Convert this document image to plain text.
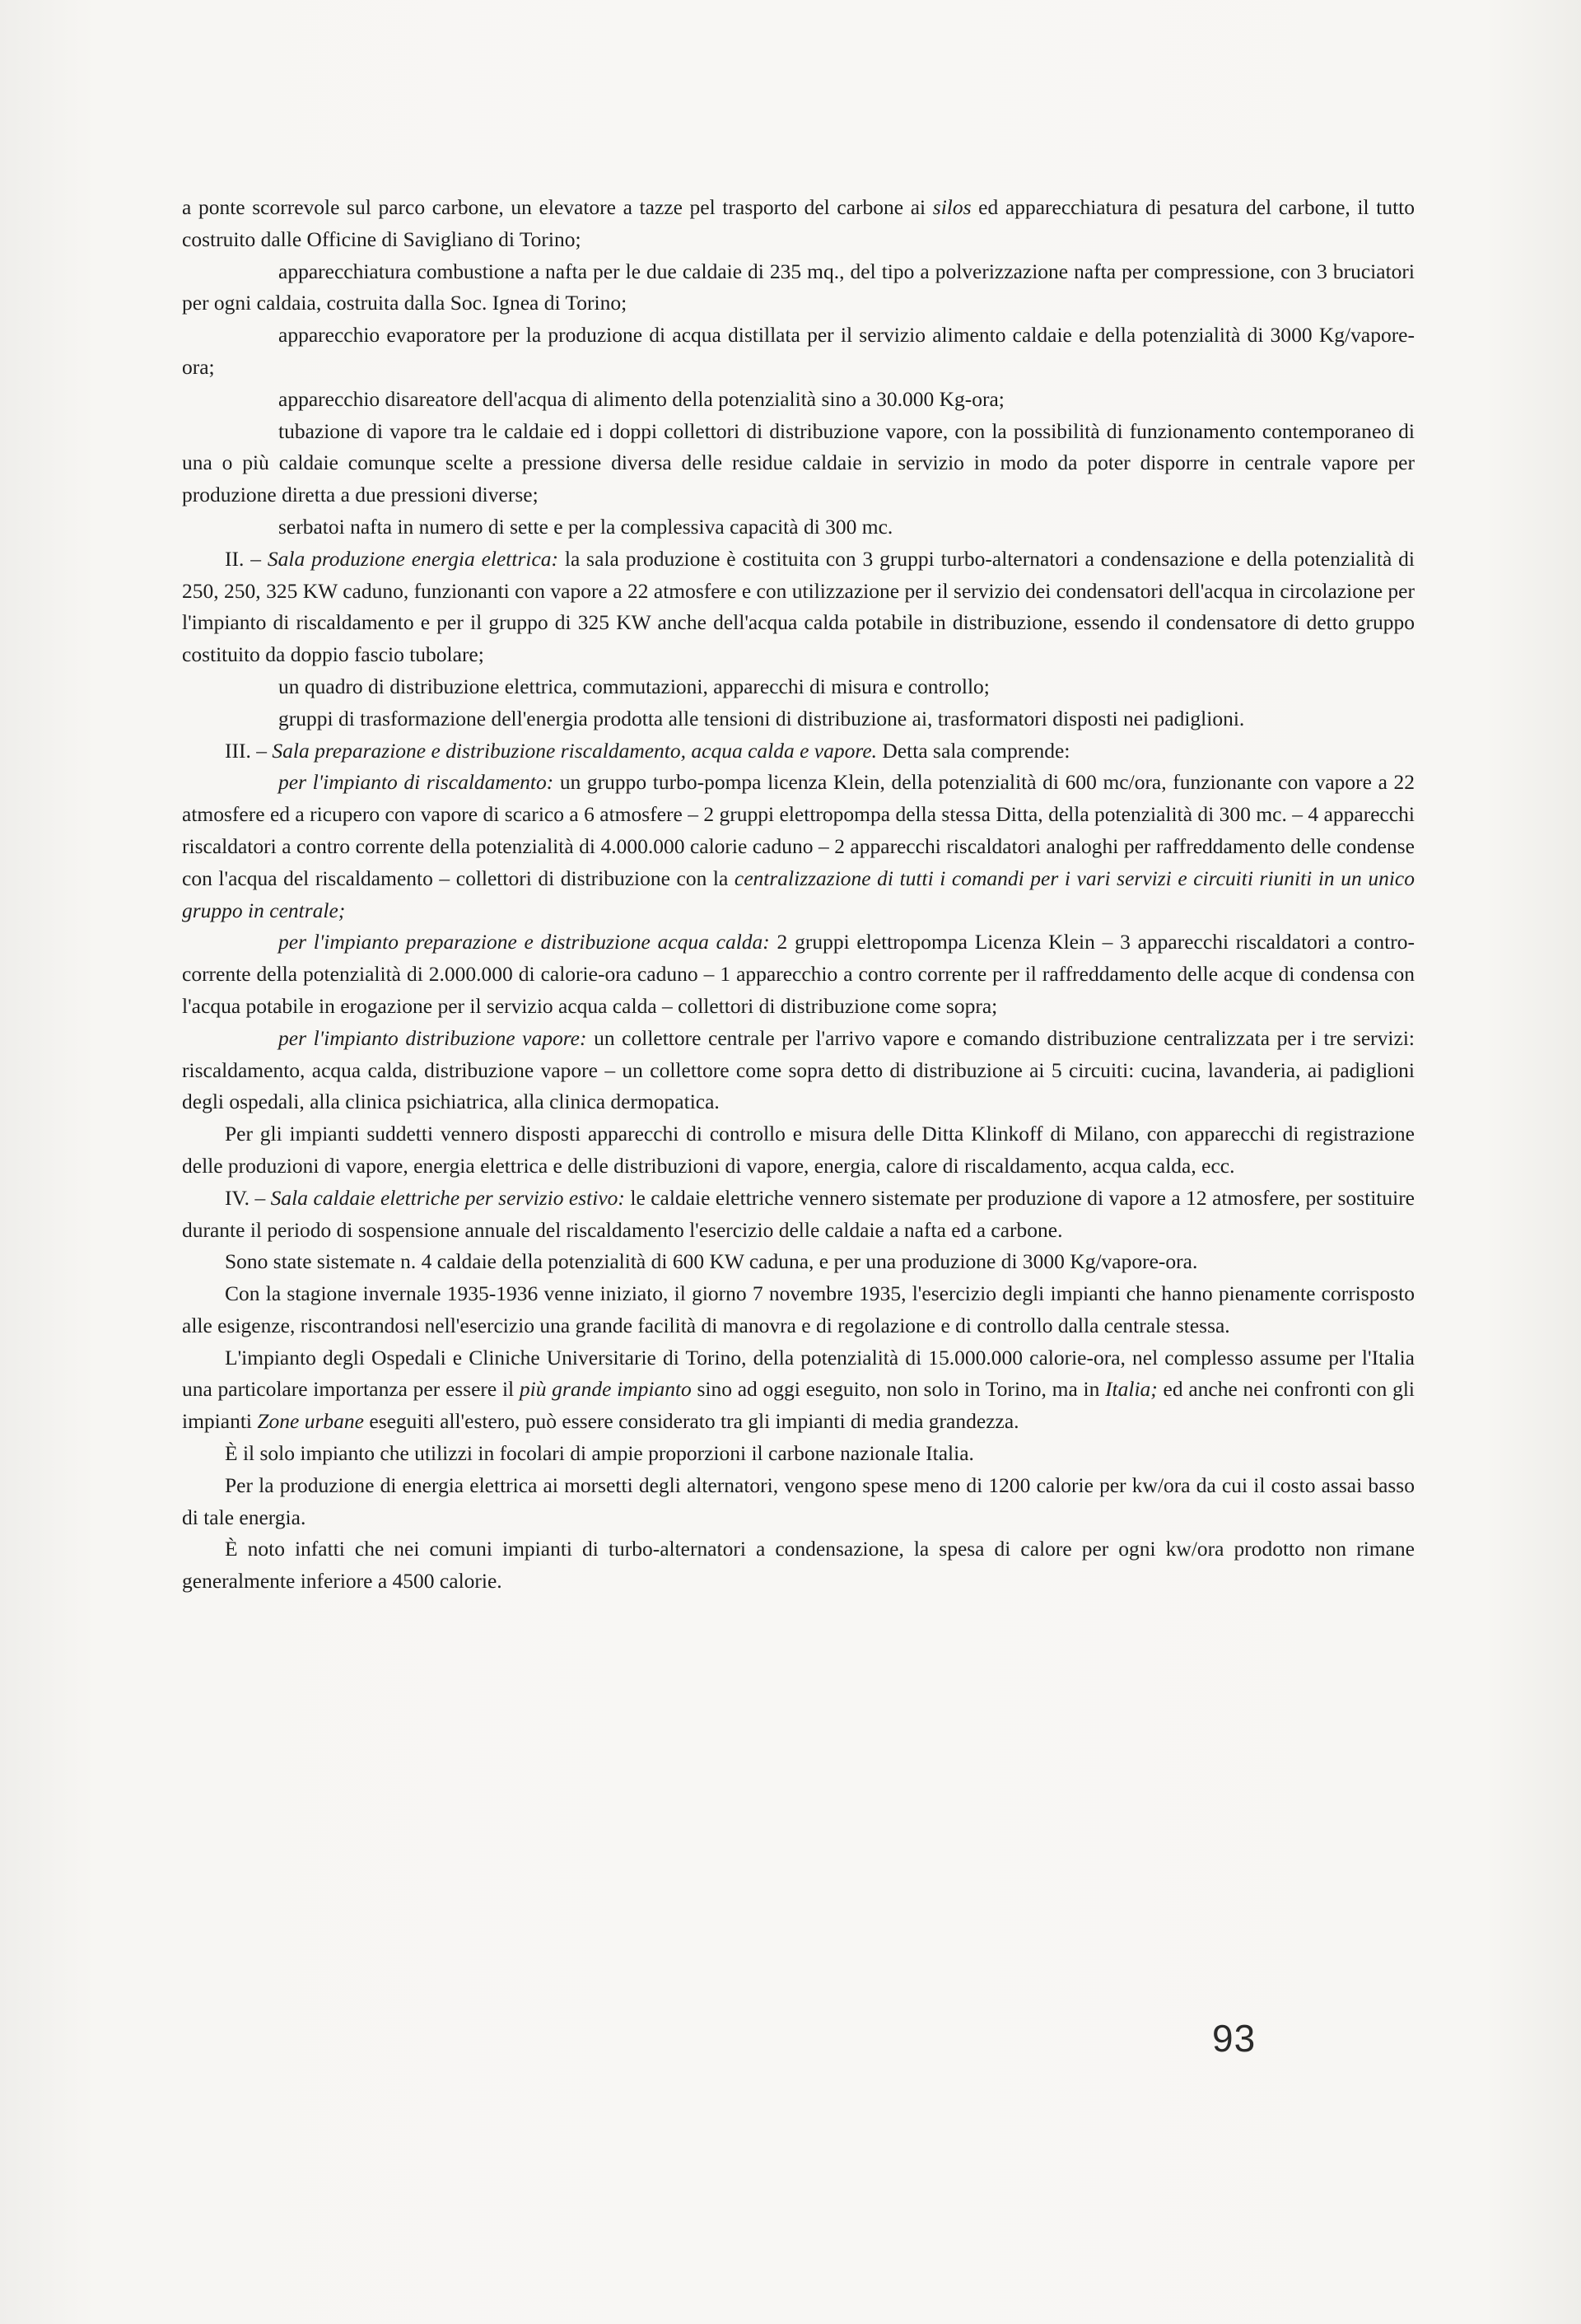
a ponte scorrevole sul parco carbone, un elevatore a tazze pel trasporto del carbone ai silos ed apparecchiatura di pesatura del carbone, il tutto costruito dalle Officine di Savigliano di Torino;

apparecchiatura combustione a nafta per le due caldaie di 235 mq., del tipo a polverizzazione nafta per compressione, con 3 bruciatori per ogni caldaia, costruita dalla Soc. Ignea di Torino;

apparecchio evaporatore per la produzione di acqua distillata per il servizio alimento caldaie e della potenzialità di 3000 Kg/vapore-ora;

apparecchio disareatore dell'acqua di alimento della potenzialità sino a 30.000 Kg-ora;

tubazione di vapore tra le caldaie ed i doppi collettori di distribuzione vapore, con la possibilità di funzionamento contemporaneo di una o più caldaie comunque scelte a pressione diversa delle residue caldaie in servizio in modo da poter disporre in centrale vapore per produzione diretta a due pressioni diverse;

serbatoi nafta in numero di sette e per la complessiva capacità di 300 mc.

II. – Sala produzione energia elettrica: la sala produzione è costituita con 3 gruppi turbo-alternatori a condensazione e della potenzialità di 250, 250, 325 KW caduno, funzionanti con vapore a 22 atmosfere e con utilizzazione per il servizio dei condensatori dell'acqua in circolazione per l'impianto di riscaldamento e per il gruppo di 325 KW anche dell'acqua calda potabile in distribuzione, essendo il condensatore di detto gruppo costituito da doppio fascio tubolare;

un quadro di distribuzione elettrica, commutazioni, apparecchi di misura e controllo;

gruppi di trasformazione dell'energia prodotta alle tensioni di distribuzione ai, trasformatori disposti nei padiglioni.

III. – Sala preparazione e distribuzione riscaldamento, acqua calda e vapore. Detta sala comprende:

per l'impianto di riscaldamento: un gruppo turbo-pompa licenza Klein, della potenzialità di 600 mc/ora, funzionante con vapore a 22 atmosfere ed a ricupero con vapore di scarico a 6 atmosfere – 2 gruppi elettropompa della stessa Ditta, della potenzialità di 300 mc. – 4 apparecchi riscaldatori a contro corrente della potenzialità di 4.000.000 calorie caduno – 2 apparecchi riscaldatori analoghi per raffreddamento delle condense con l'acqua del riscaldamento – collettori di distribuzione con la centralizzazione di tutti i comandi per i vari servizi e circuiti riuniti in un unico gruppo in centrale;

per l'impianto preparazione e distribuzione acqua calda: 2 gruppi elettropompa Licenza Klein – 3 apparecchi riscaldatori a contro-corrente della potenzialità di 2.000.000 di calorie-ora caduno – 1 apparecchio a contro corrente per il raffreddamento delle acque di condensa con l'acqua potabile in erogazione per il servizio acqua calda – collettori di distribuzione come sopra;

per l'impianto distribuzione vapore: un collettore centrale per l'arrivo vapore e comando distribuzione centralizzata per i tre servizi: riscaldamento, acqua calda, distribuzione vapore – un collettore come sopra detto di distribuzione ai 5 circuiti: cucina, lavanderia, ai padiglioni degli ospedali, alla clinica psichiatrica, alla clinica dermopatica.

Per gli impianti suddetti vennero disposti apparecchi di controllo e misura delle Ditta Klinkoff di Milano, con apparecchi di registrazione delle produzioni di vapore, energia elettrica e delle distribuzioni di vapore, energia, calore di riscaldamento, acqua calda, ecc.

IV. – Sala caldaie elettriche per servizio estivo: le caldaie elettriche vennero sistemate per produzione di vapore a 12 atmosfere, per sostituire durante il periodo di sospensione annuale del riscaldamento l'esercizio delle caldaie a nafta ed a carbone.

Sono state sistemate n. 4 caldaie della potenzialità di 600 KW caduna, e per una produzione di 3000 Kg/vapore-ora.

Con la stagione invernale 1935-1936 venne iniziato, il giorno 7 novembre 1935, l'esercizio degli impianti che hanno pienamente corrisposto alle esigenze, riscontrandosi nell'esercizio una grande facilità di manovra e di regolazione e di controllo dalla centrale stessa.

L'impianto degli Ospedali e Cliniche Universitarie di Torino, della potenzialità di 15.000.000 calorie-ora, nel complesso assume per l'Italia una particolare importanza per essere il più grande impianto sino ad oggi eseguito, non solo in Torino, ma in Italia; ed anche nei confronti con gli impianti Zone urbane eseguiti all'estero, può essere considerato tra gli impianti di media grandezza.

È il solo impianto che utilizzi in focolari di ampie proporzioni il carbone nazionale Italia.

Per la produzione di energia elettrica ai morsetti degli alternatori, vengono spese meno di 1200 calorie per kw/ora da cui il costo assai basso di tale energia.

È noto infatti che nei comuni impianti di turbo-alternatori a condensazione, la spesa di calore per ogni kw/ora prodotto non rimane generalmente inferiore a 4500 calorie.

93
